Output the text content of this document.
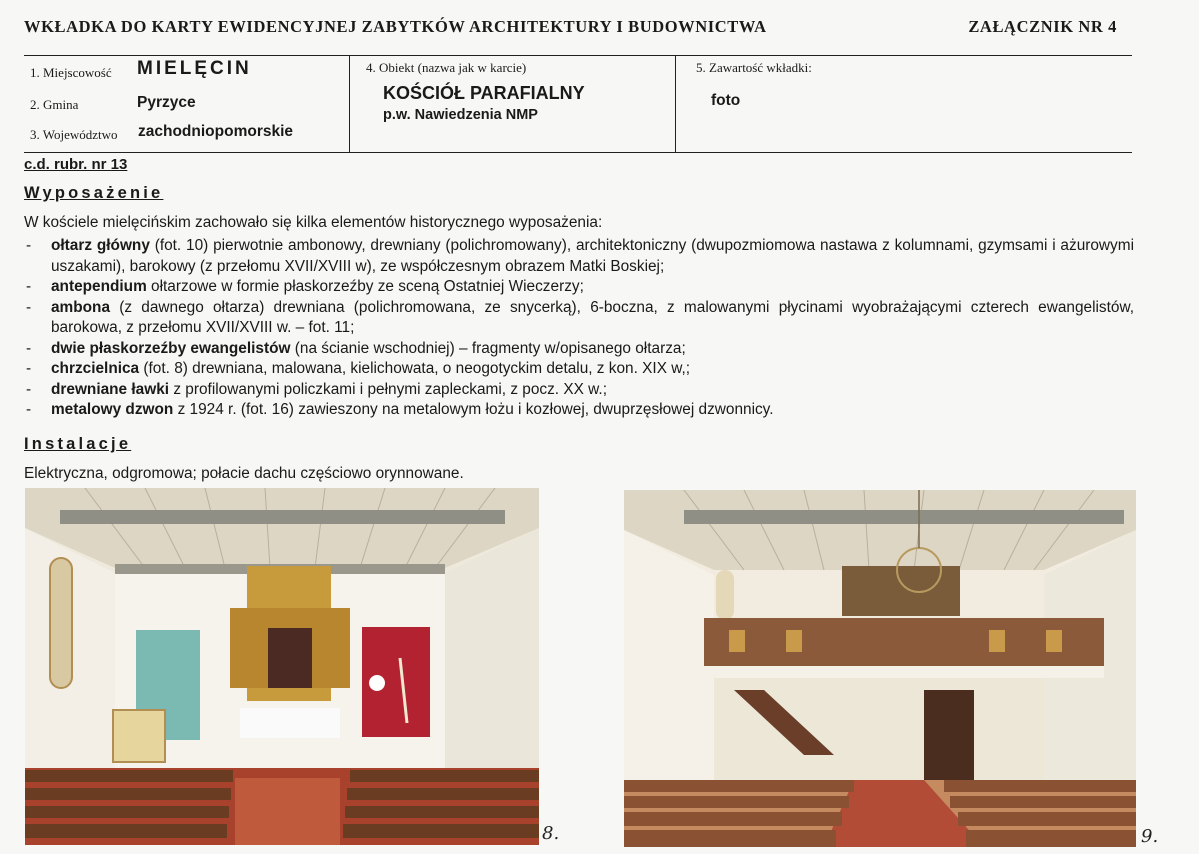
WKŁADKA DO KARTY EWIDENCYJNEJ ZABYTKÓW ARCHITEKTURY I BUDOWNICTWA	ZAŁĄCZNIK NR 4
1. Miejscowość MIELĘCIN
2. Gmina	Pyrzyce
3. Województwo zachodniopomorskie
4. Obiekt (nazwa jak w karcie)
KOŚCIÓŁ PARAFIALNY
p.w. Nawiedzenia NMP
5. Zawartość wkładki:
foto
c.d. rubr. nr 13
Wyposażenie
W kościele mielęcińskim zachowało się kilka elementów historycznego wyposażenia:
- ołtarz główny (fot. 10) pierwotnie ambonowy, drewniany (polichromowany), architektoniczny (dwupozmiomowa nastawa z kolumnami, gzymsami i ażurowymi uszakami), barokowy (z przełomu XVII/XVIII w), ze współczesnym obrazem Matki Boskiej;
- antependium ołtarzowe w formie płaskorzeźby ze sceną Ostatniej Wieczerzy;
- ambona (z dawnego ołtarza) drewniana (polichromowana, ze snycerką), 6-boczna, z malowanymi płycinami wyobrażającymi czterech ewangelistów, barokowa, z przełomu XVII/XVIII w. – fot. 11;
- dwie płaskorzeźby ewangelistów (na ścianie wschodniej) – fragmenty w/opisanego ołtarza;
- chrzcielnica (fot. 8) drewniana, malowana, kielichowata, o neogotyckim detalu, z kon. XIX w,;
- drewniane ławki z profilowanymi policzkami i pełnymi zapleckami, z pocz. XX w.;
- metalowy dzwon z 1924 r. (fot. 16) zawieszony na metalowym łożu i kozłowej, dwuprzęsłowej dzwonnicy.
Instalacje
Elektryczna, odgromowa; połacie dachu częściowo orynnowane.
8.	9.
